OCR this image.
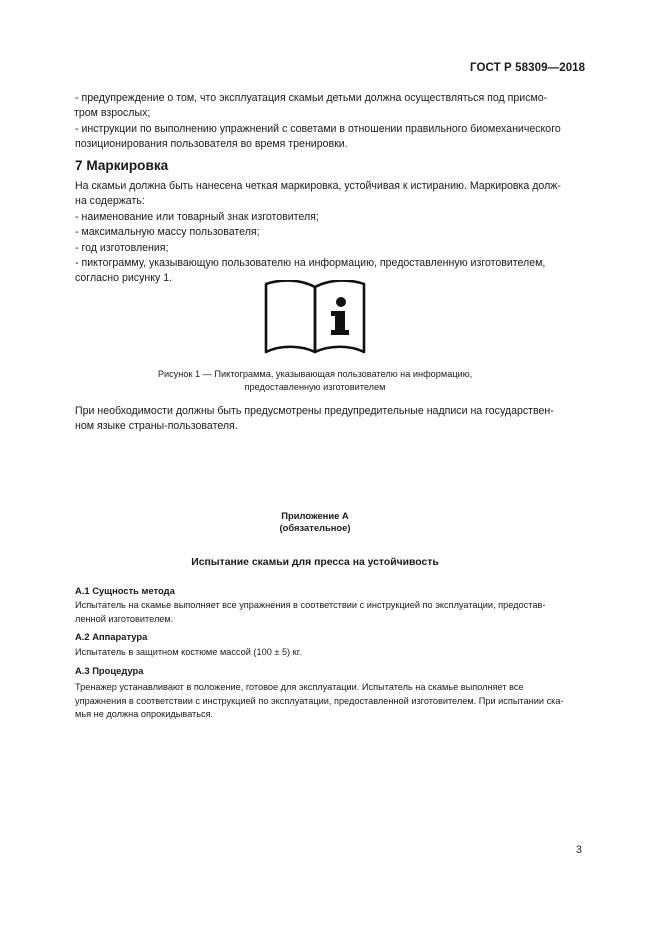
ГОСТ Р 58309—2018
- предупреждение о том, что эксплуатация скамьи детьми должна осуществляться под присмо-
тром взрослых;
- инструкции по выполнению упражнений с советами в отношении правильного биомеханического
позиционирования пользователя во время тренировки.
7 Маркировка
На скамьи должна быть нанесена четкая маркировка, устойчивая к истиранию. Маркировка долж-
на содержать:
- наименование или товарный знак изготовителя;
- максимальную массу пользователя;
- год изготовления;
- пиктограмму, указывающую пользователю на информацию, предоставленную изготовителем,
согласно рисунку 1.
Рисунок 1 — Пиктограмма, указывающая пользователю на информацию,
предоставленную изготовителем
При необходимости должны быть предусмотрены предупредительные надписи на государствен-
ном языке страны-пользователя.
Приложение А
(обязательное)
Испытание скамьи для пресса на устойчивость
А.1 Сущность метода
Испытатель на скамье выполняет все упражнения в соответствии с инструкцией по эксплуатации, предостав-
ленной изготовителем.
А.2 Аппаратура
Испытатель в защитном костюме массой (100 ± 5) кг.
А.3 Процедура
Тренажер устанавливают в положение, готовое для эксплуатации. Испытатель на скамье выполняет все
упражнения в соответствии с инструкцией по эксплуатации, предоставленной изготовителем. При испытании ска-
мья не должна опрокидываться.
3
